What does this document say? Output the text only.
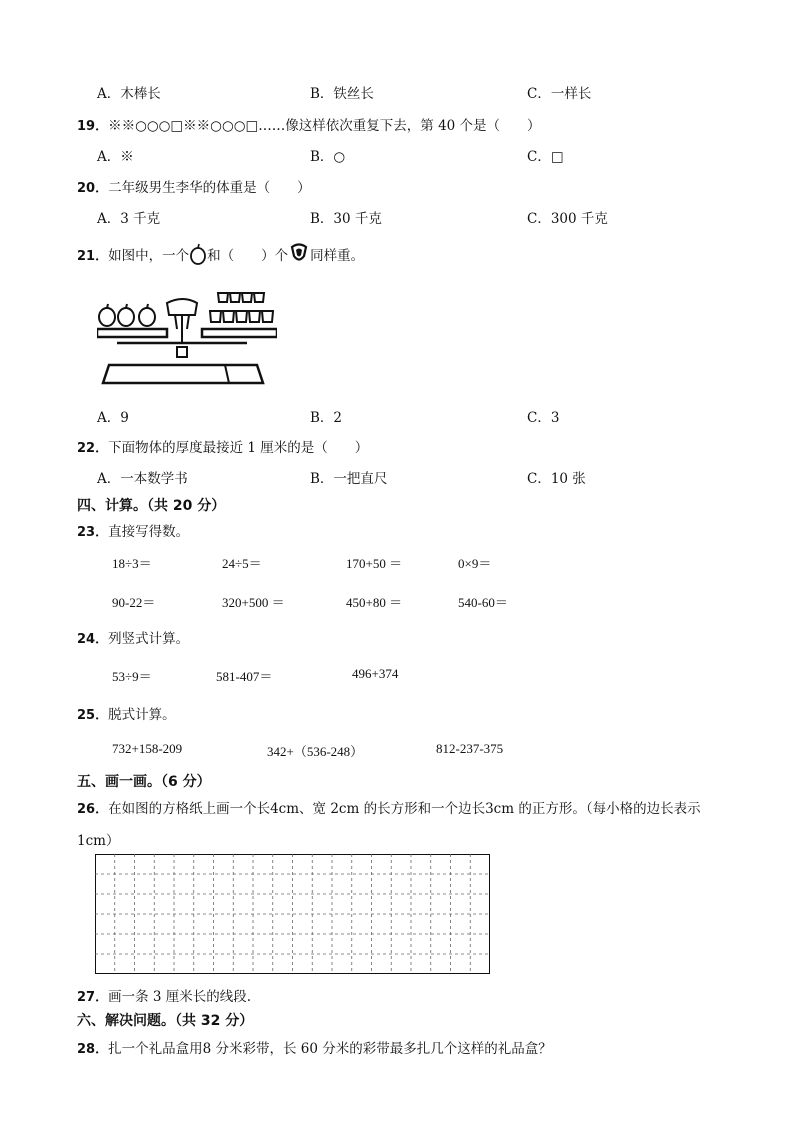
A．木棒长	B．铁丝长	C．一样长
19．※※○○○□※※○○○□……像这样依次重复下去，第 40 个是（　　）
A．※	B．○	C．□
20．二年级男生李华的体重是（　　）
A．3 千克	B．30 千克	C．300 千克
21．如图中，一个 和（　　）个 同样重。
A．9	B．2	C．3
22．下面物体的厚度最接近 1 厘米的是（　　）
A．一本数学书	B．一把直尺	C．10 张
四、计算。（共 20 分）
23．直接写得数。
18÷3＝	24÷5＝	170+50 ＝	0×9＝
90-22＝	320+500 ＝	450+80 ＝	540-60＝
24．列竖式计算。
53÷9＝	581-407＝	496+374
25．脱式计算。
732+158-209	342+（536-248）	812-237-375
五、画一画。（6 分）
26．在如图的方格纸上画一个长4cm、宽 2cm 的长方形和一个边长3cm 的正方形。（每小格的边长表示
1cm）
27．画一条 3 厘米长的线段.
六、解决问题。（共 32 分）
28．扎一个礼品盒用8 分米彩带，长 60 分米的彩带最多扎几个这样的礼品盒？
